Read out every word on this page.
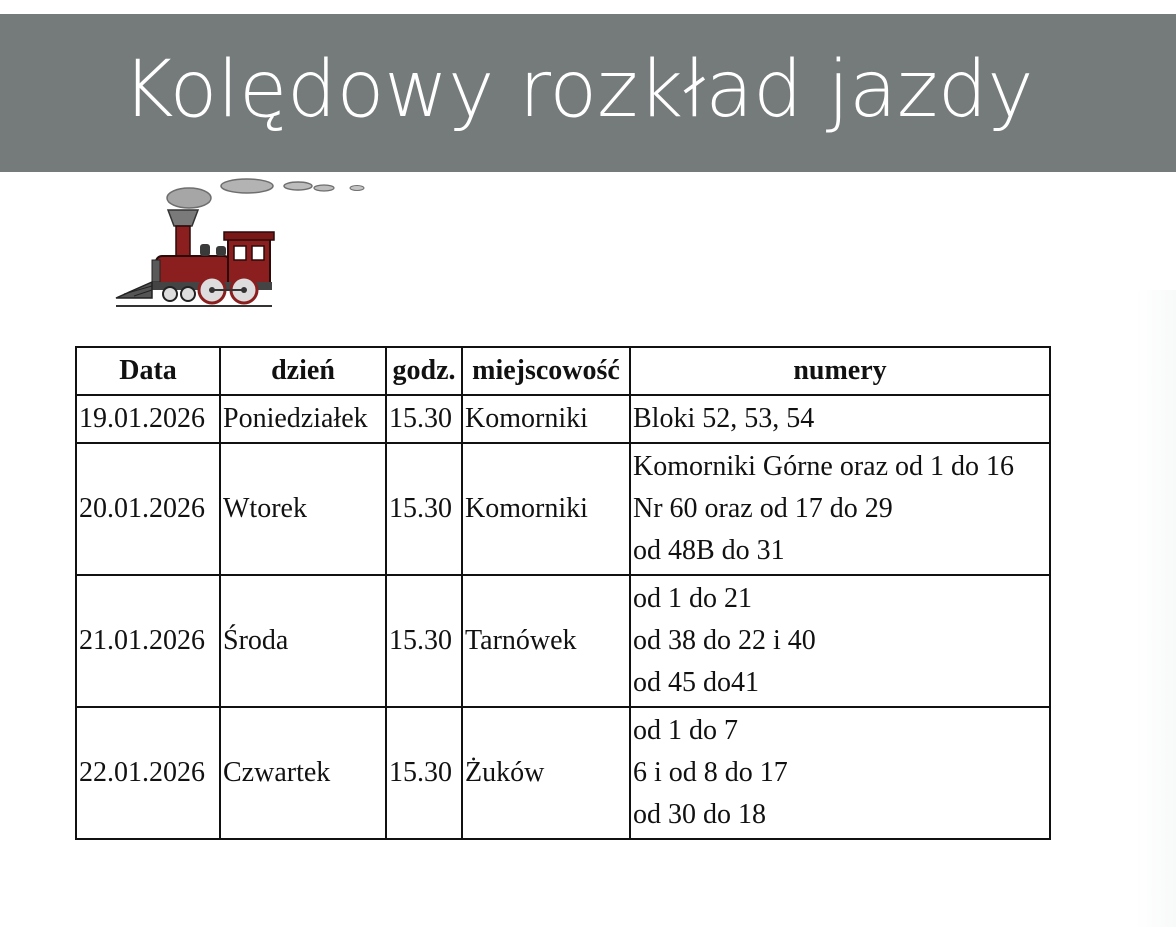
Kolędowy rozkład jazdy
Data	dzień	godz.	miejscowość	numery
19.01.2026	Poniedziałek	15.30	Komorniki	Bloki 52, 53, 54

20.01.2026	Wtorek	15.30	Komorniki	Komorniki Górne oraz od 1 do 16
Nr 60 oraz od 17 do 29
od 48B do 31

21.01.2026	Środa	15.30	Tarnówek	od 1 do 21
od 38 do 22 i 40
od 45 do41

22.01.2026	Czwartek	15.30	Żuków	od 1 do 7
6 i od 8 do 17
od 30 do 18
